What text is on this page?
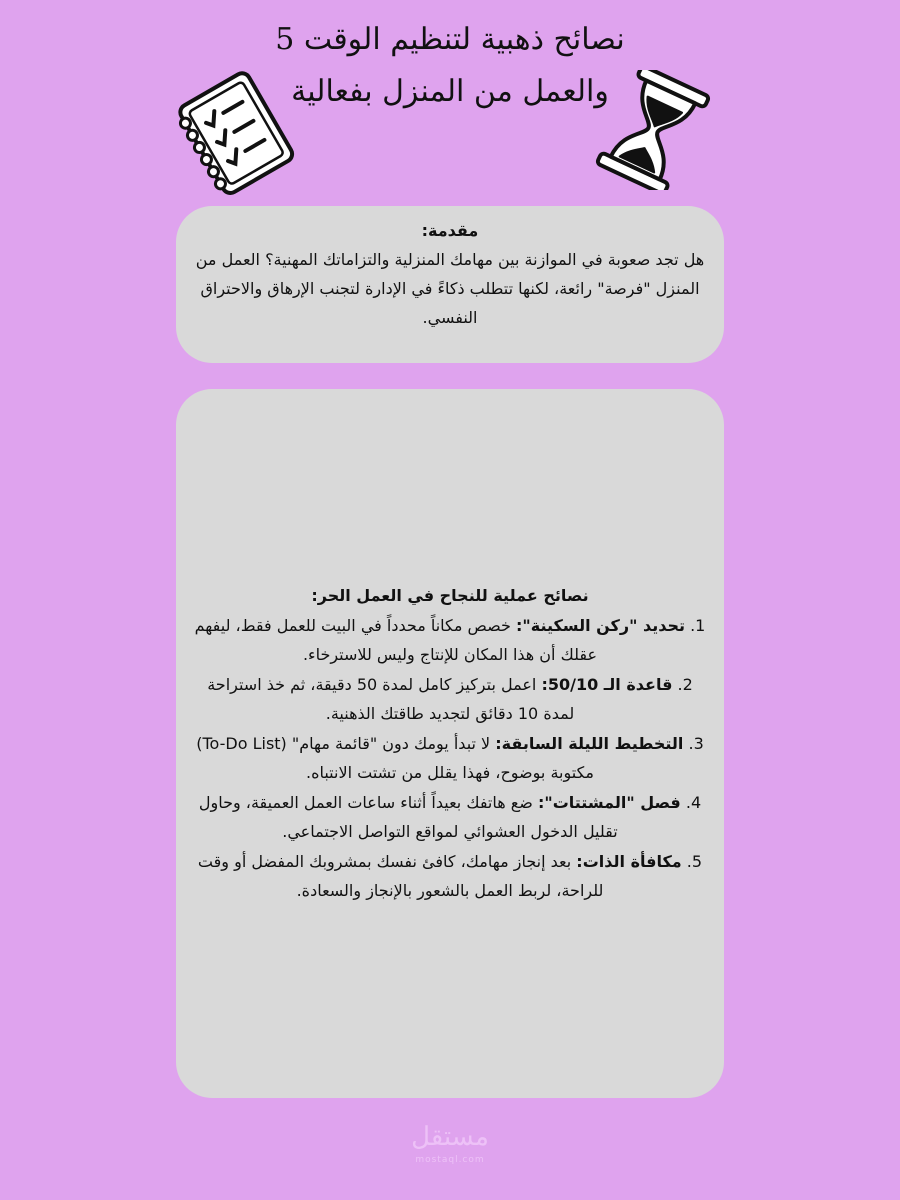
نصائح ذهبية لتنظيم الوقت 5
والعمل من المنزل بفعالية
مقدمة:
هل تجد صعوبة في الموازنة بين مهامك المنزلية والتزاماتك المهنية؟ العمل من المنزل "فرصة" رائعة، لكنها تتطلب ذكاءً في الإدارة لتجنب الإرهاق والاحتراق النفسي.
نصائح عملية للنجاح في العمل الحر:

1. تحديد "ركن السكينة": خصص مكاناً محدداً في البيت للعمل فقط، ليفهم عقلك أن هذا المكان للإنتاج وليس للاسترخاء.

2. قاعدة الـ 50/10: اعمل بتركيز كامل لمدة 50 دقيقة، ثم خذ استراحة لمدة 10 دقائق لتجديد طاقتك الذهنية.

3. التخطيط الليلة السابقة: لا تبدأ يومك دون "قائمة مهام" (To-Do List) مكتوبة بوضوح، فهذا يقلل من تشتت الانتباه.

4. فصل "المشتتات": ضع هاتفك بعيداً أثناء ساعات العمل العميقة، وحاول تقليل الدخول العشوائي لمواقع التواصل الاجتماعي.

5. مكافأة الذات: بعد إنجاز مهامك، كافئ نفسك بمشروبك المفضل أو وقت للراحة، لربط العمل بالشعور بالإنجاز والسعادة.

مستقل
mostaql.com
